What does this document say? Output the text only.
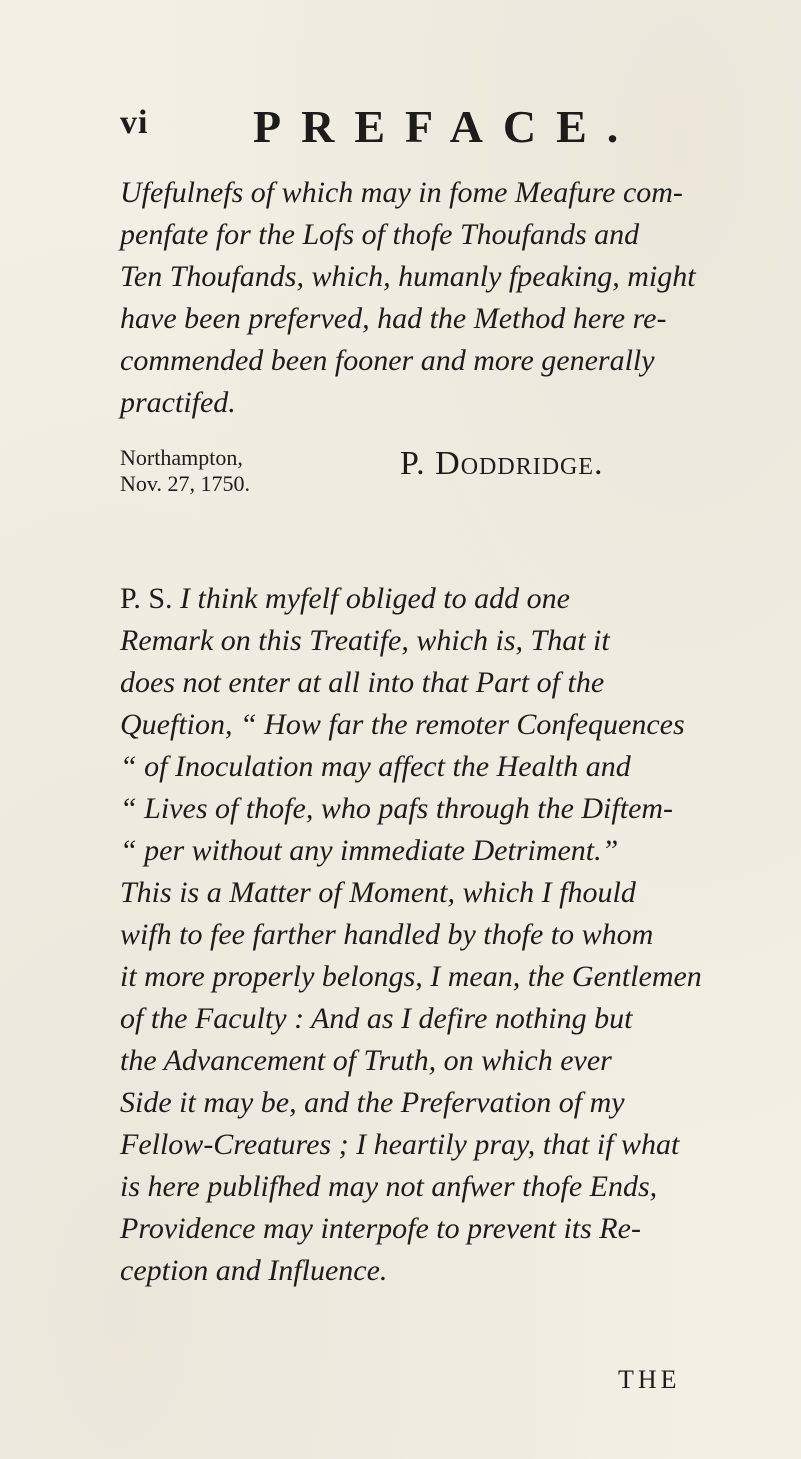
vi PREFACE.

Ufefulnefs of which may in fome Meafure com-
penfate for the Lofs of thofe Thoufands and
Ten Thoufands, which, humanly fpeaking, might
have been preferved, had the Method here re-
commended been fooner and more generally
practifed.

Northampton,
Nov. 27, 1750.
P. Doddridge.

P. S. I think myfelf obliged to add one
Remark on this Treatife, which is, That it
does not enter at all into that Part of the
Queftion, “ How far the remoter Confequences
“ of Inoculation may affect the Health and
“ Lives of thofe, who pafs through the Diftem-
“ per without any immediate Detriment.”
This is a Matter of Moment, which I fhould
wifh to fee farther handled by thofe to whom
it more properly belongs, I mean, the Gentlemen
of the Faculty : And as I defire nothing but
the Advancement of Truth, on which ever
Side it may be, and the Prefervation of my
Fellow-Creatures ; I heartily pray, that if what
is here publifhed may not anfwer thofe Ends,
Providence may interpofe to prevent its Re-
ception and Influence.

THE
